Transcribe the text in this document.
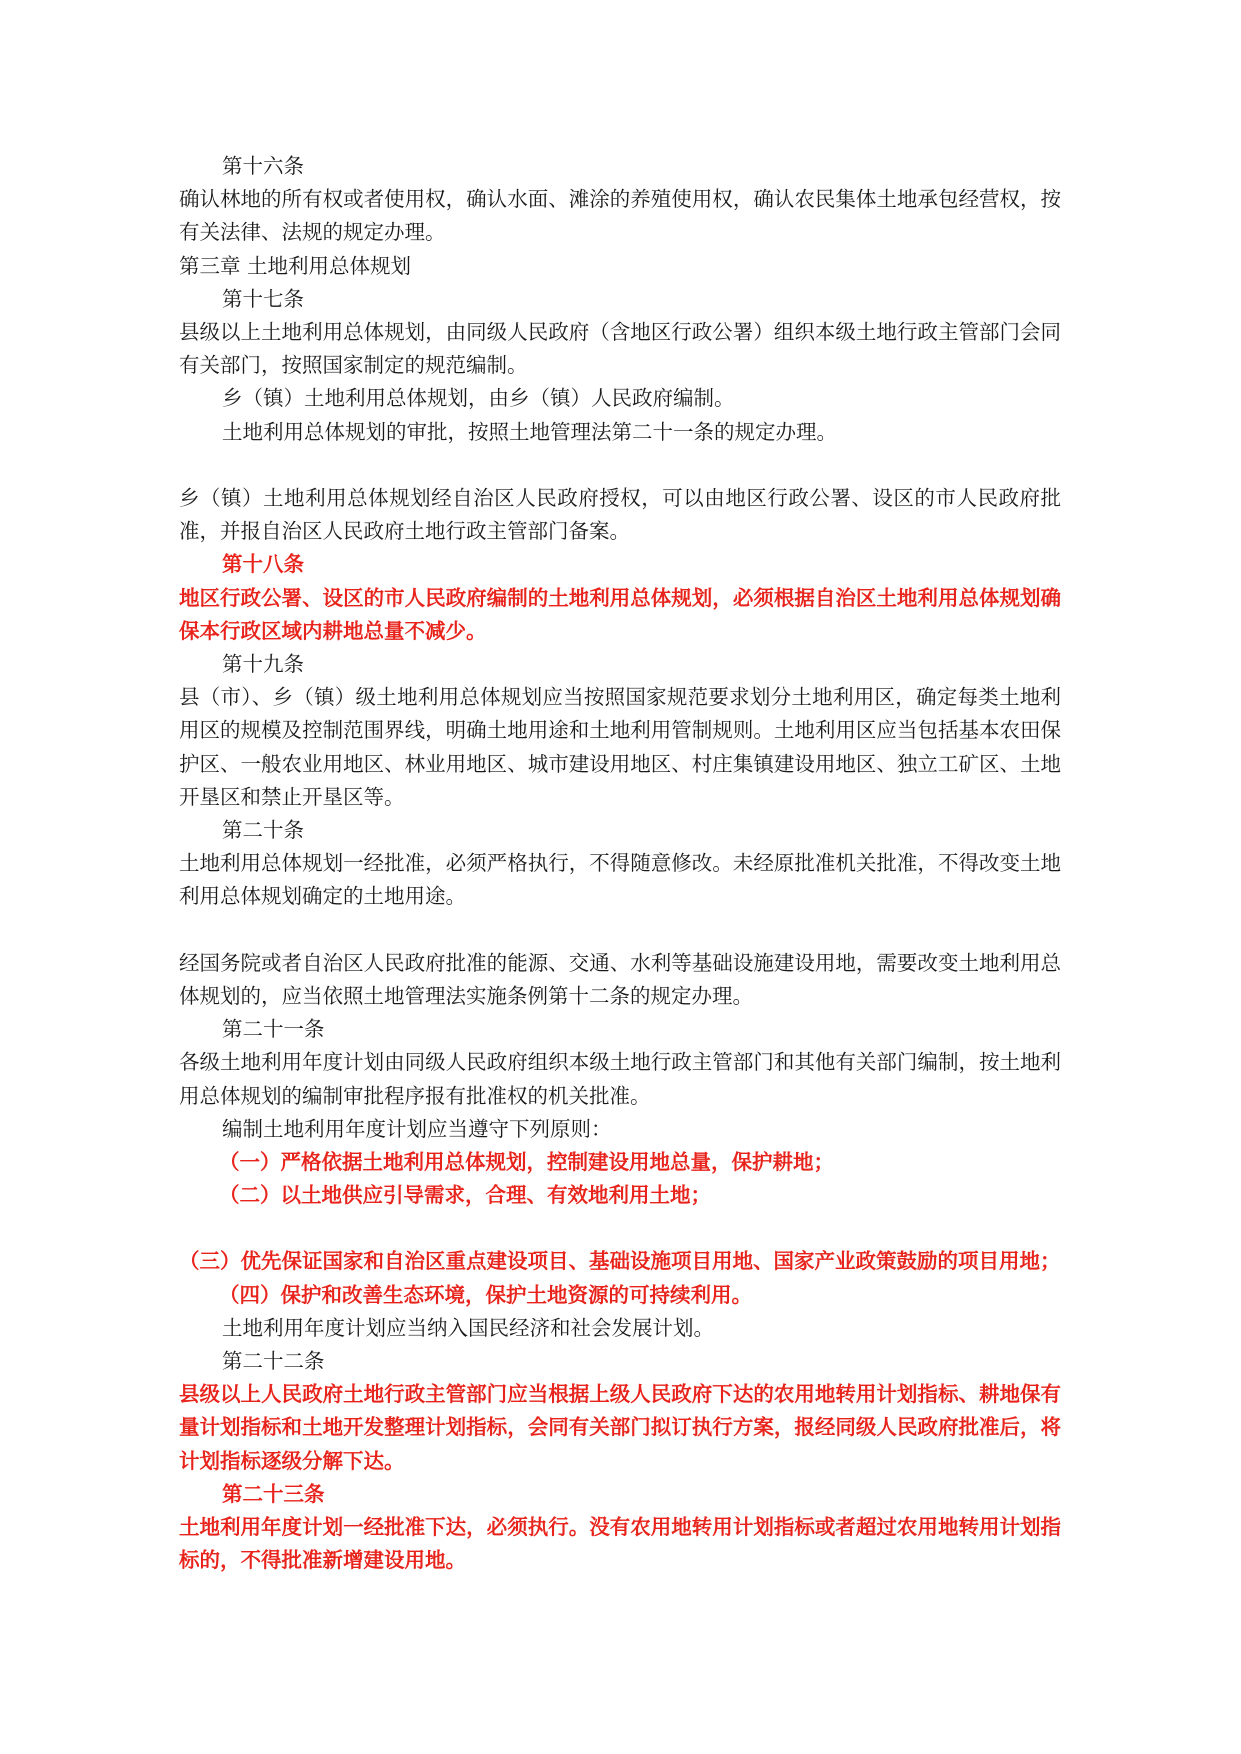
第十六条

确认林地的所有权或者使用权，确认水面、滩涂的养殖使用权，确认农民集体土地承包经营权，按有关法律、法规的规定办理。

第三章 土地利用总体规划
第十七条

县级以上土地利用总体规划，由同级人民政府（含地区行政公署）组织本级土地行政主管部门会同有关部门，按照国家制定的规范编制。

乡（镇）土地利用总体规划，由乡（镇）人民政府编制。
土地利用总体规划的审批，按照土地管理法第二十一条的规定办理。

乡（镇）土地利用总体规划经自治区人民政府授权，可以由地区行政公署、设区的市人民政府批准，并报自治区人民政府土地行政主管部门备案。

第十八条

地区行政公署、设区的市人民政府编制的土地利用总体规划，必须根据自治区土地利用总体规划确保本行政区域内耕地总量不减少。

第十九条

县（市）、乡（镇）级土地利用总体规划应当按照国家规范要求划分土地利用区，确定每类土地利用区的规模及控制范围界线，明确土地用途和土地利用管制规则。土地利用区应当包括基本农田保护区、一般农业用地区、林业用地区、城市建设用地区、村庄集镇建设用地区、独立工矿区、土地开垦区和禁止开垦区等。

第二十条

土地利用总体规划一经批准，必须严格执行，不得随意修改。未经原批准机关批准，不得改变土地利用总体规划确定的土地用途。

经国务院或者自治区人民政府批准的能源、交通、水利等基础设施建设用地，需要改变土地利用总体规划的，应当依照土地管理法实施条例第十二条的规定办理。

第二十一条

各级土地利用年度计划由同级人民政府组织本级土地行政主管部门和其他有关部门编制，按土地利用总体规划的编制审批程序报有批准权的机关批准。

编制土地利用年度计划应当遵守下列原则：
（一）严格依据土地利用总体规划，控制建设用地总量，保护耕地；
（二）以土地供应引导需求，合理、有效地利用土地；

（三）优先保证国家和自治区重点建设项目、基础设施项目用地、国家产业政策鼓励的项目用地；

（四）保护和改善生态环境，保护土地资源的可持续利用。
土地利用年度计划应当纳入国民经济和社会发展计划。
第二十二条

县级以上人民政府土地行政主管部门应当根据上级人民政府下达的农用地转用计划指标、耕地保有量计划指标和土地开发整理计划指标，会同有关部门拟订执行方案，报经同级人民政府批准后，将计划指标逐级分解下达。

第二十三条

土地利用年度计划一经批准下达，必须执行。没有农用地转用计划指标或者超过农用地转用计划指标的，不得批准新增建设用地。
